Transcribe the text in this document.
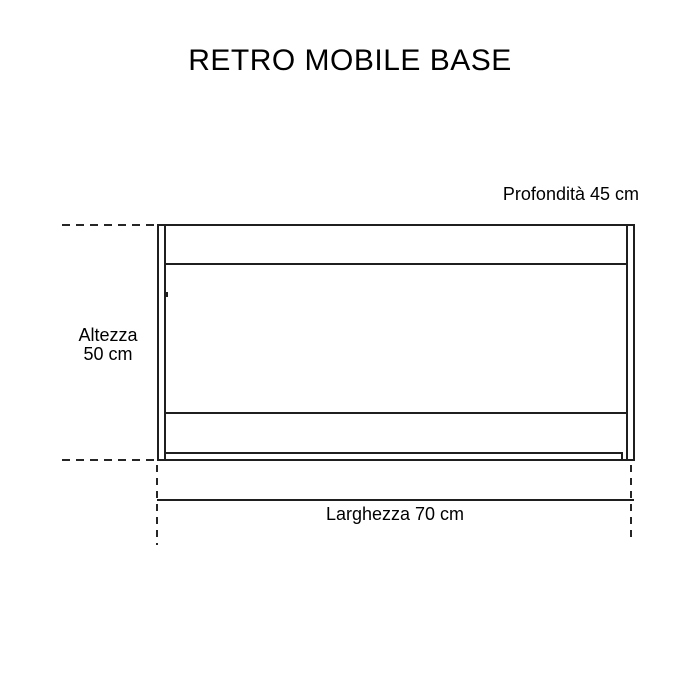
RETRO MOBILE BASE
Profondità 45 cm
Altezza
50 cm
Larghezza 70 cm
